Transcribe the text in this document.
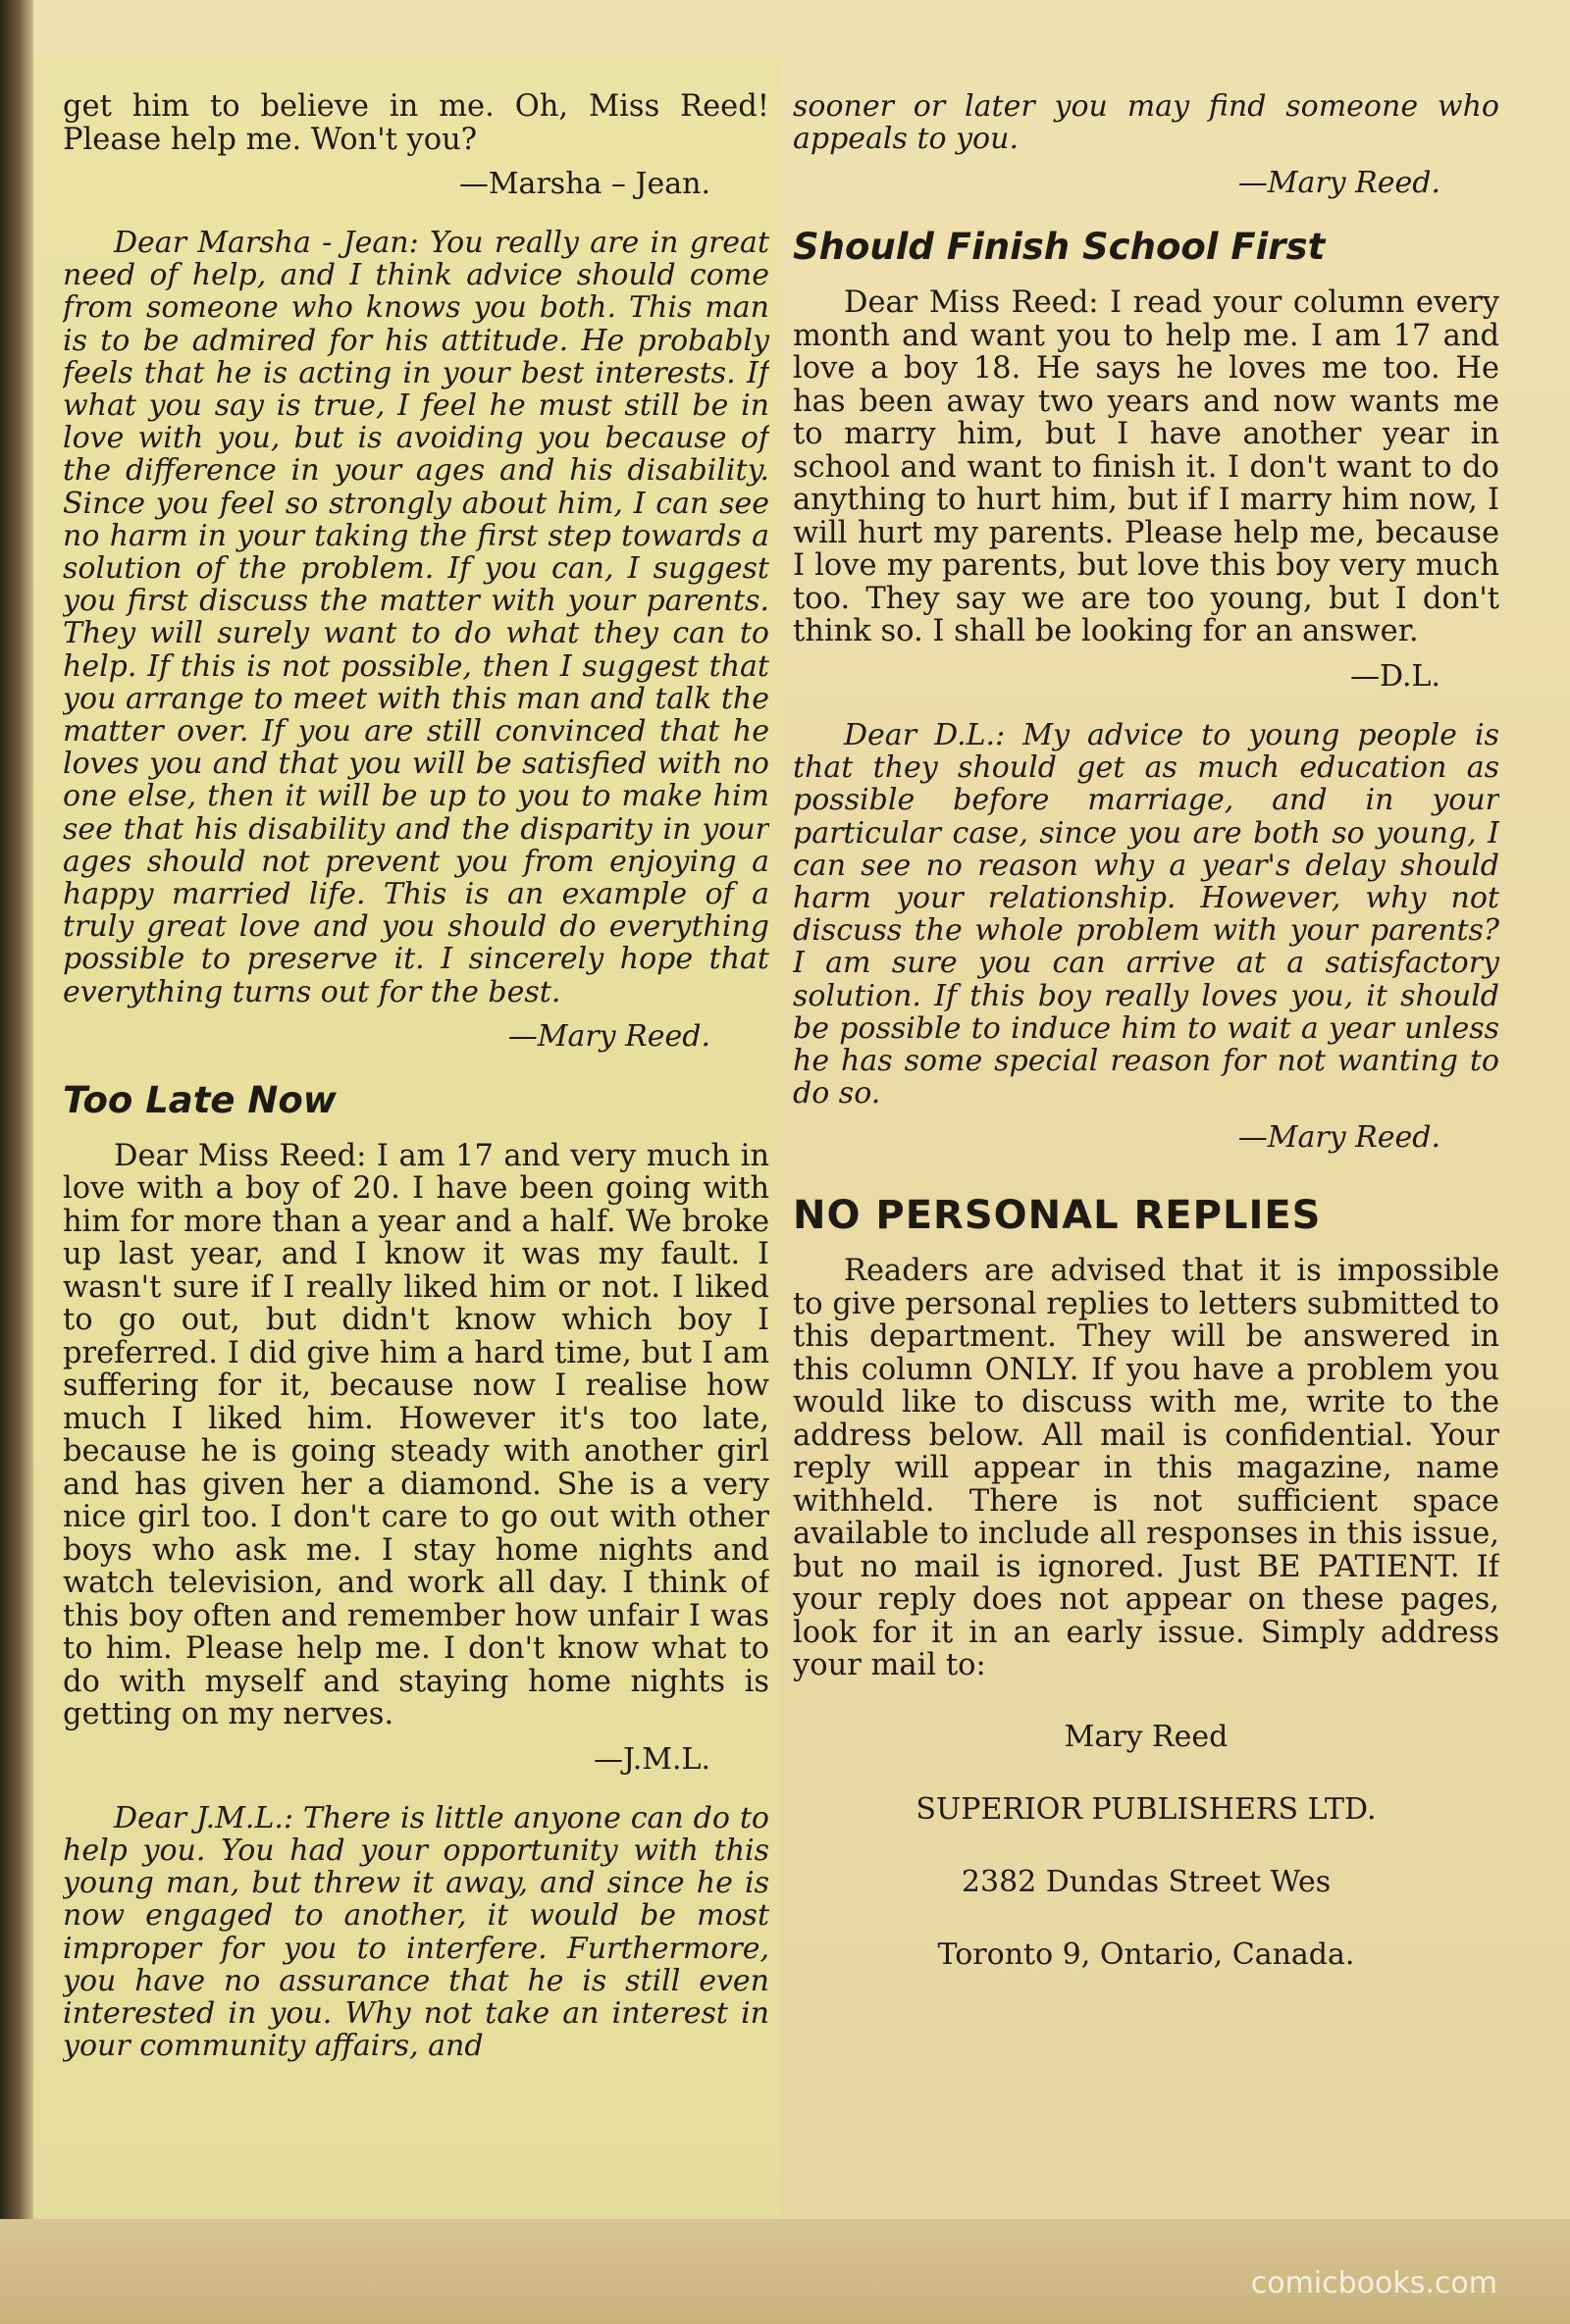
get him to believe in me. Oh, Miss Reed! Please help me. Won't you?

—Marsha – Jean.

Dear Marsha - Jean: You really are in great need of help, and I think advice should come from someone who knows you both. This man is to be admired for his attitude. He probably feels that he is acting in your best interests. If what you say is true, I feel he must still be in love with you, but is avoiding you because of the difference in your ages and his disability. Since you feel so strongly about him, I can see no harm in your taking the first step towards a solution of the problem. If you can, I suggest you first discuss the matter with your parents. They will surely want to do what they can to help. If this is not possible, then I suggest that you arrange to meet with this man and talk the matter over. If you are still convinced that he loves you and that you will be satisfied with no one else, then it will be up to you to make him see that his disability and the disparity in your ages should not prevent you from enjoying a happy married life. This is an example of a truly great love and you should do everything possible to preserve it. I sincerely hope that everything turns out for the best.

—Mary Reed.

Too Late Now

Dear Miss Reed: I am 17 and very much in love with a boy of 20. I have been going with him for more than a year and a half. We broke up last year, and I know it was my fault. I wasn't sure if I really liked him or not. I liked to go out, but didn't know which boy I preferred. I did give him a hard time, but I am suffering for it, because now I realise how much I liked him. However it's too late, because he is going steady with another girl and has given her a diamond. She is a very nice girl too. I don't care to go out with other boys who ask me. I stay home nights and watch television, and work all day. I think of this boy often and remember how unfair I was to him. Please help me. I don't know what to do with myself and staying home nights is getting on my nerves.

—J.M.L.

Dear J.M.L.: There is little anyone can do to help you. You had your opportunity with this young man, but threw it away, and since he is now engaged to another, it would be most improper for you to interfere. Furthermore, you have no assurance that he is still even interested in you. Why not take an interest in your community affairs, and

sooner or later you may find someone who appeals to you.

—Mary Reed.

Should Finish School First

Dear Miss Reed: I read your column every month and want you to help me. I am 17 and love a boy 18. He says he loves me too. He has been away two years and now wants me to marry him, but I have another year in school and want to finish it. I don't want to do anything to hurt him, but if I marry him now, I will hurt my parents. Please help me, because I love my parents, but love this boy very much too. They say we are too young, but I don't think so. I shall be looking for an answer.

—D.L.

Dear D.L.: My advice to young people is that they should get as much education as possible before marriage, and in your particular case, since you are both so young, I can see no reason why a year's delay should harm your relationship. However, why not discuss the whole problem with your parents? I am sure you can arrive at a satisfactory solution. If this boy really loves you, it should be possible to induce him to wait a year unless he has some special reason for not wanting to do so.

—Mary Reed.

NO PERSONAL REPLIES

Readers are advised that it is impossible to give personal replies to letters submitted to this department. They will be answered in this column ONLY. If you have a problem you would like to discuss with me, write to the address below. All mail is confidential. Your reply will appear in this magazine, name withheld. There is not sufficient space available to include all responses in this issue, but no mail is ignored. Just BE PATIENT. If your reply does not appear on these pages, look for it in an early issue. Simply address your mail to:

Mary Reed

SUPERIOR PUBLISHERS LTD.

2382 Dundas Street Wes

Toronto 9, Ontario, Canada.

comicbooks.com
